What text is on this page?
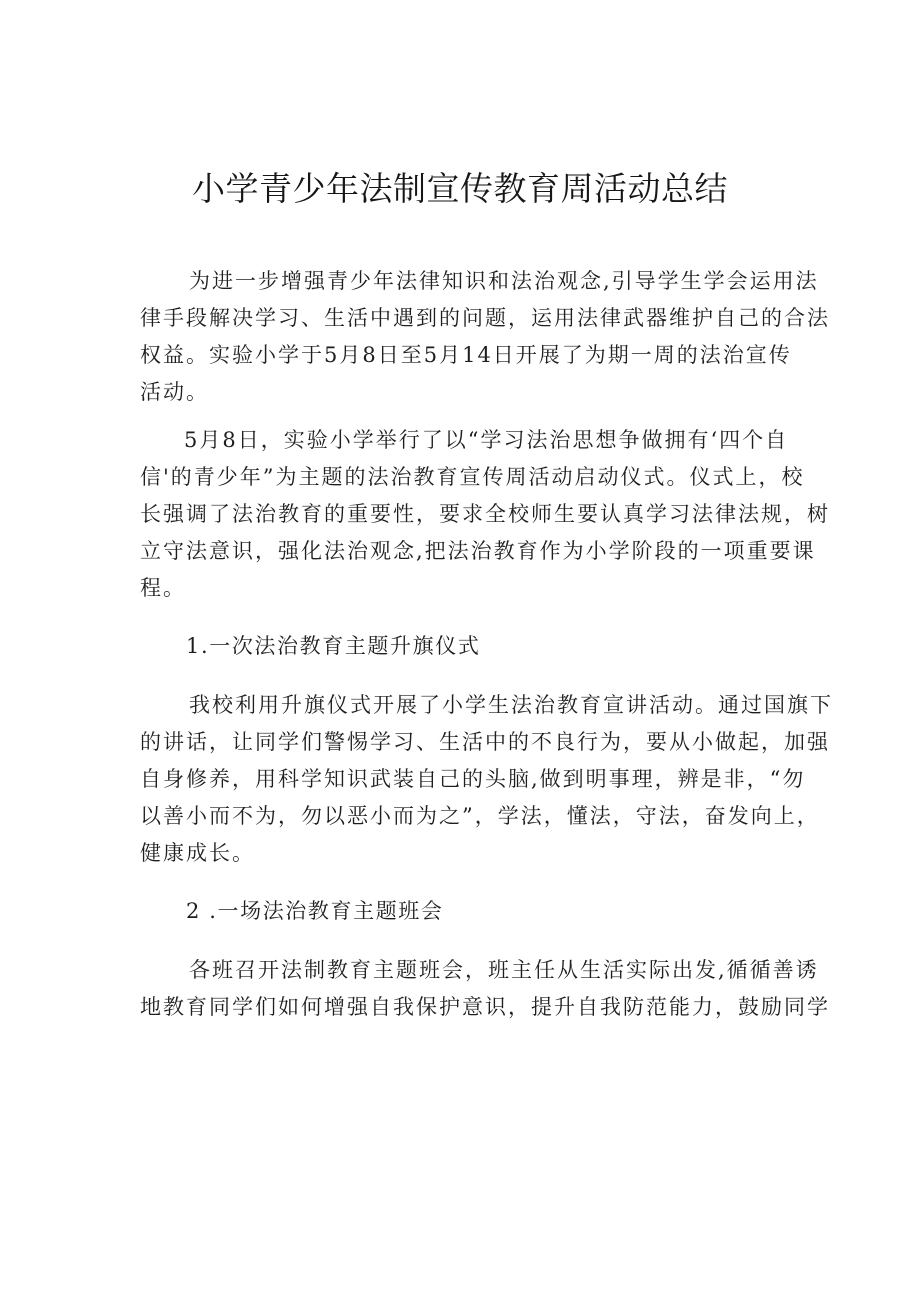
小学青少年法制宣传教育周活动总结
为进一步增强青少年法律知识和法治观念,引导学生学会运用法
律手段解决学习、生活中遇到的问题，运用法律武器维护自己的合法
权益。实验小学于5月8日至5月14日开展了为期一周的法治宣传
活动。
5月8日，实验小学举行了以“学习法治思想争做拥有‘四个自
信'的青少年”为主题的法治教育宣传周活动启动仪式。仪式上，校
长强调了法治教育的重要性，要求全校师生要认真学习法律法规，树
立守法意识，强化法治观念,把法治教育作为小学阶段的一项重要课
程。
1.一次法治教育主题升旗仪式
我校利用升旗仪式开展了小学生法治教育宣讲活动。通过国旗下
的讲话，让同学们警惕学习、生活中的不良行为，要从小做起，加强
自身修养，用科学知识武装自己的头脑,做到明事理，辨是非，“勿
以善小而不为，勿以恶小而为之”，学法，懂法，守法，奋发向上，
健康成长。
2 .一场法治教育主题班会
各班召开法制教育主题班会，班主任从生活实际出发,循循善诱
地教育同学们如何增强自我保护意识，提升自我防范能力，鼓励同学
